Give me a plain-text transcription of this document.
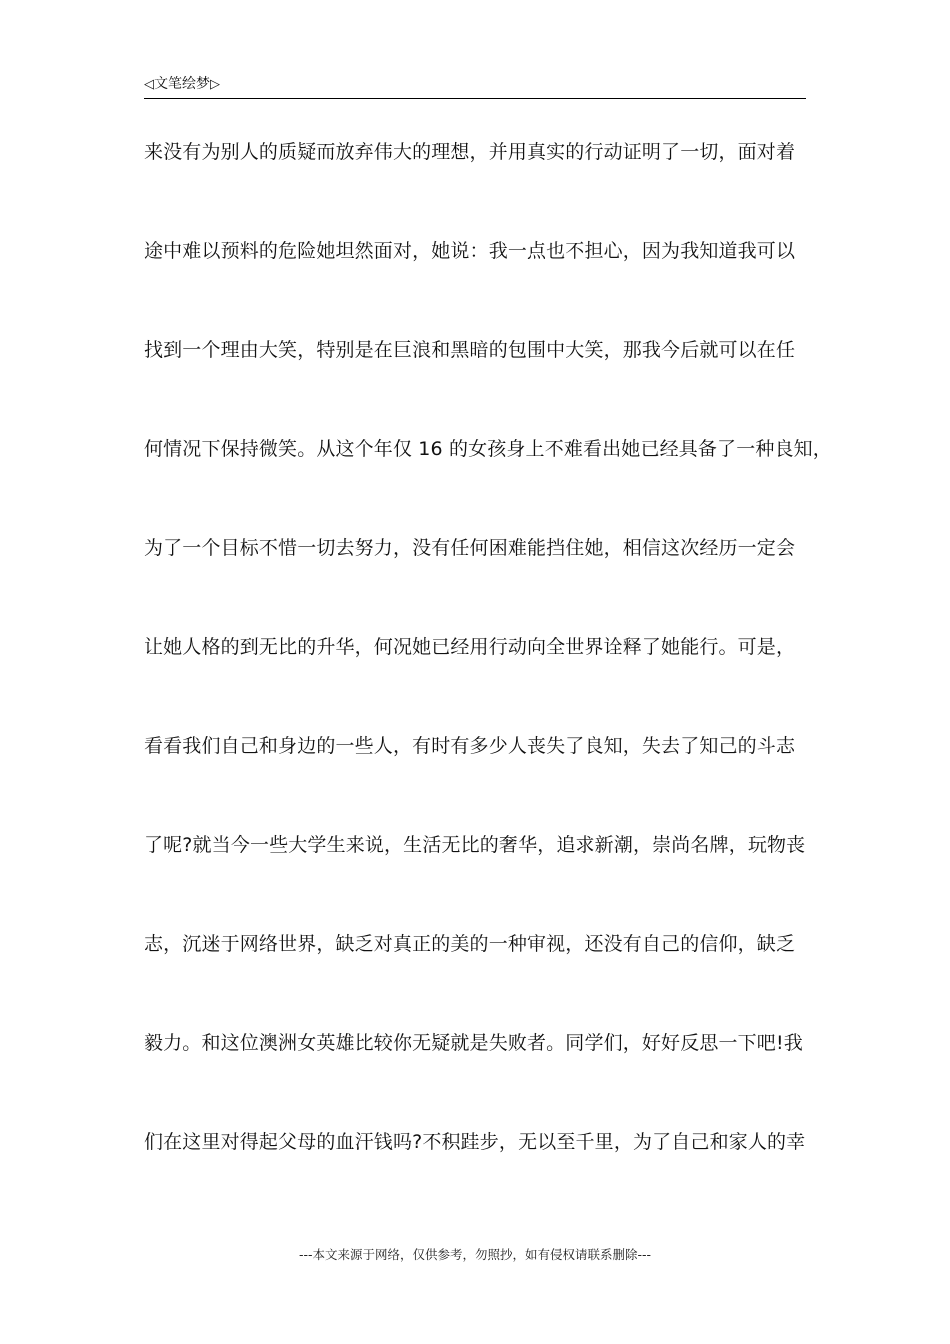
◁文笔绘梦▷
来没有为别人的质疑而放弃伟大的理想，并用真实的行动证明了一切，面对着
途中难以预料的危险她坦然面对，她说：我一点也不担心，因为我知道我可以
找到一个理由大笑，特别是在巨浪和黑暗的包围中大笑，那我今后就可以在任
何情况下保持微笑。从这个年仅 16 的女孩身上不难看出她已经具备了一种良知，
为了一个目标不惜一切去努力，没有任何困难能挡住她，相信这次经历一定会
让她人格的到无比的升华，何况她已经用行动向全世界诠释了她能行。可是，
看看我们自己和身边的一些人，有时有多少人丧失了良知，失去了知己的斗志
了呢?就当今一些大学生来说，生活无比的奢华，追求新潮，崇尚名牌，玩物丧
志，沉迷于网络世界，缺乏对真正的美的一种审视，还没有自己的信仰，缺乏
毅力。和这位澳洲女英雄比较你无疑就是失败者。同学们，好好反思一下吧!我
们在这里对得起父母的血汗钱吗?不积跬步，无以至千里，为了自己和家人的幸
---本文来源于网络，仅供参考，勿照抄，如有侵权请联系删除---
